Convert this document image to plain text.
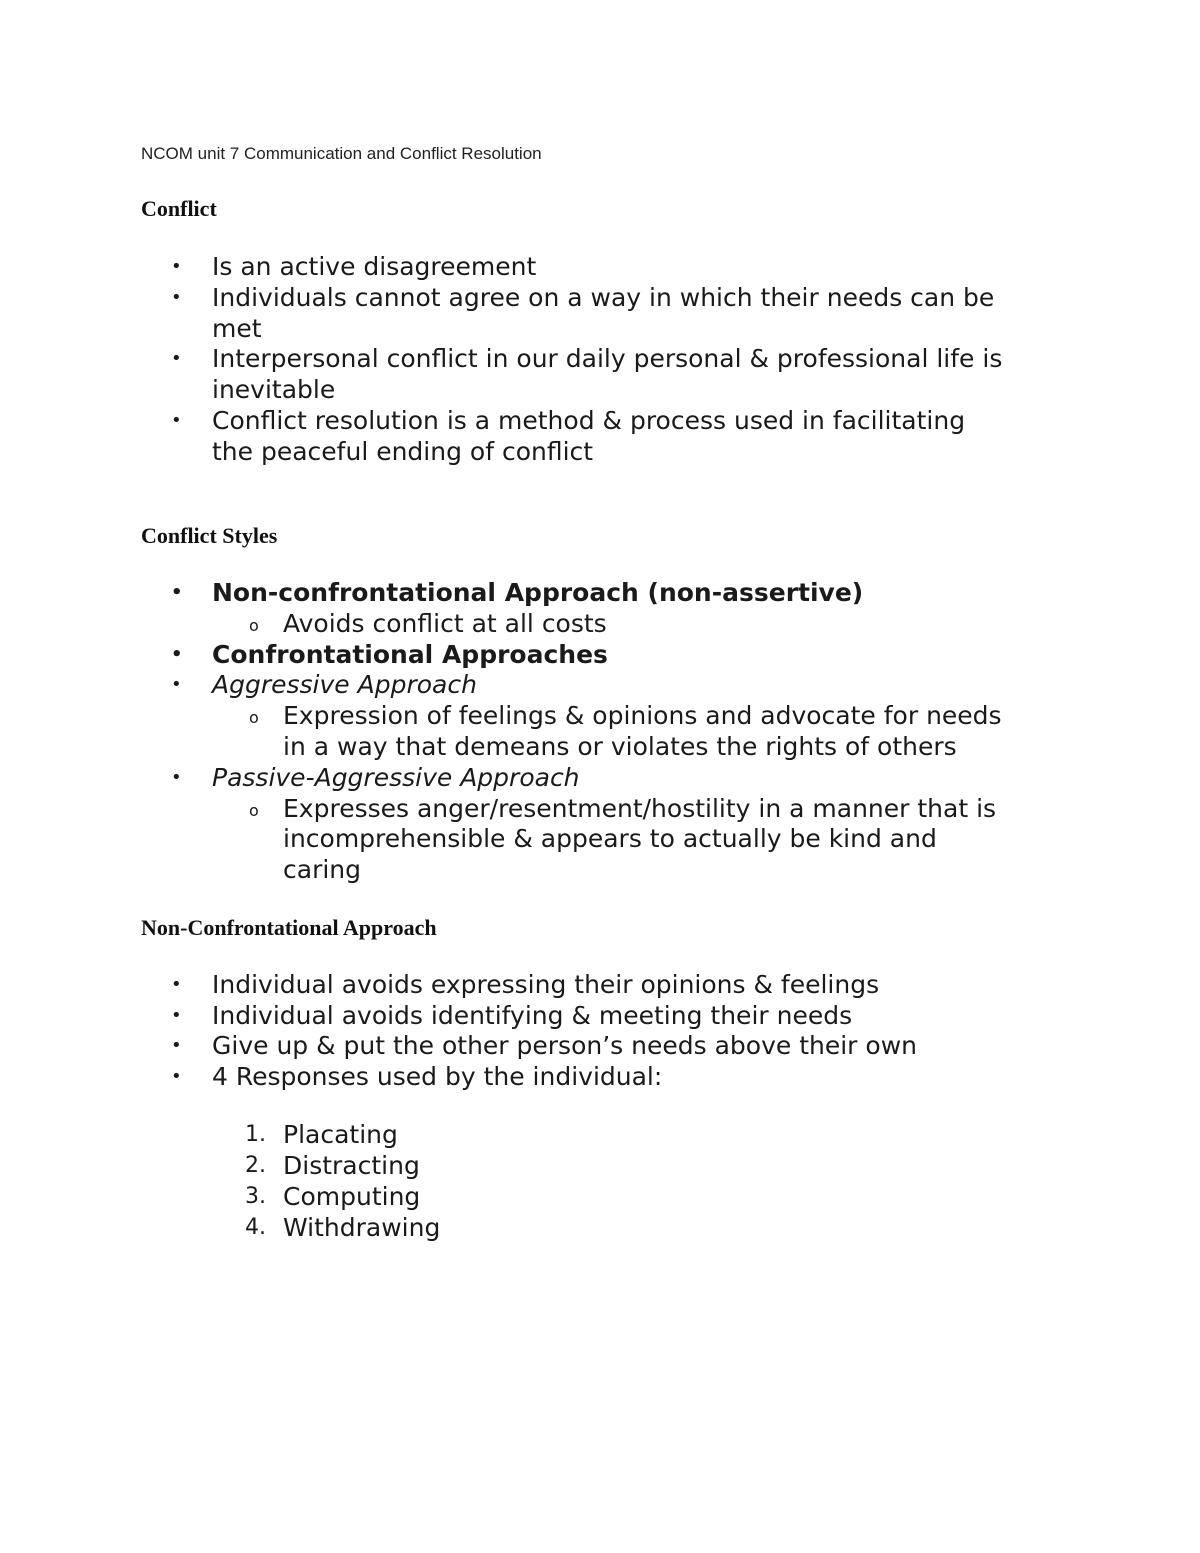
NCOM unit 7 Communication and Conflict Resolution
Conflict
• Is an active disagreement
• Individuals cannot agree on a way in which their needs can be
met
• Interpersonal conflict in our daily personal & professional life is
inevitable
• Conflict resolution is a method & process used in facilitating
the peaceful ending of conflict
Conflict Styles
• Non-confrontational Approach (non-assertive)
o Avoids conflict at all costs
• Confrontational Approaches
• Aggressive Approach
o Expression of feelings & opinions and advocate for needs
in a way that demeans or violates the rights of others
• Passive-Aggressive Approach
o Expresses anger/resentment/hostility in a manner that is
incomprehensible & appears to actually be kind and
caring
Non-Confrontational Approach
• Individual avoids expressing their opinions & feelings
• Individual avoids identifying & meeting their needs
• Give up & put the other person’s needs above their own
• 4 Responses used by the individual:
1. Placating
2. Distracting
3. Computing
4. Withdrawing
